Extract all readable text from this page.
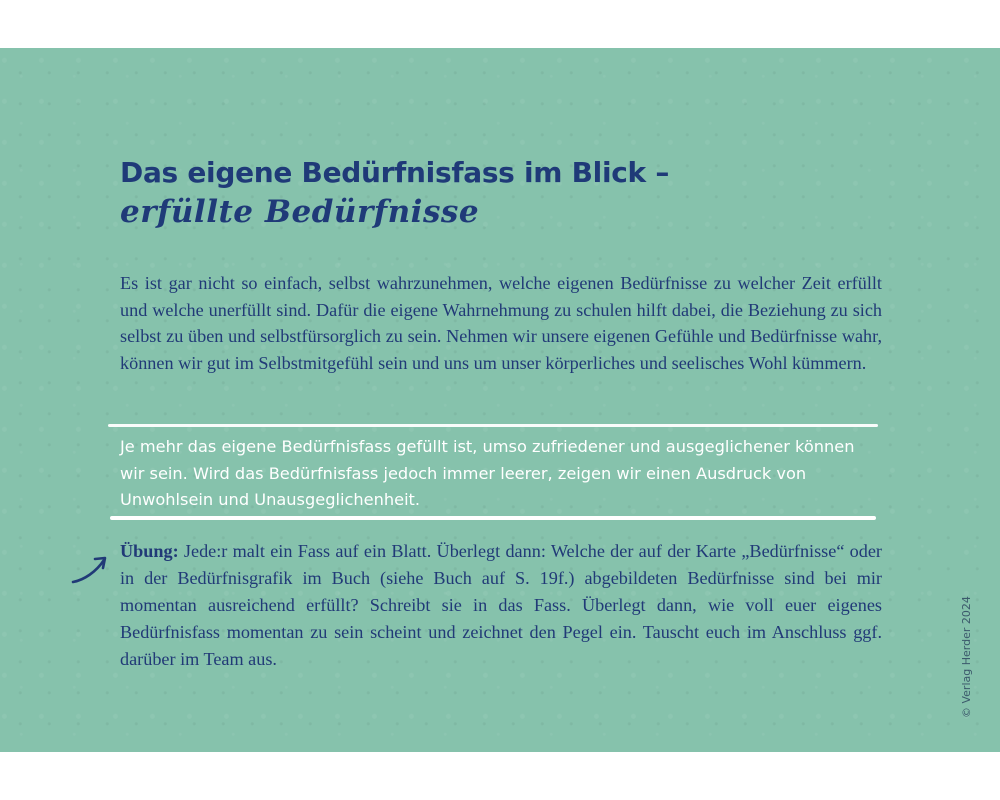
Das eigene Bedürfnisfass im Blick –
erfüllte Bedürfnisse

Es ist gar nicht so einfach, selbst wahrzunehmen, welche eigenen Bedürfnisse zu welcher Zeit erfüllt und welche unerfüllt sind. Dafür die eigene Wahrnehmung zu schulen hilft dabei, die Beziehung zu sich selbst zu üben und selbstfürsorglich zu sein. Nehmen wir unsere eigenen Gefühle und Bedürfnisse wahr, können wir gut im Selbstmitgefühl sein und uns um unser körperliches und seelisches Wohl kümmern.

Je mehr das eigene Bedürfnisfass gefüllt ist, umso zufriedener und ausgeglichener können wir sein. Wird das Bedürfnisfass jedoch immer leerer, zeigen wir einen Ausdruck von Unwohlsein und Unausgeglichenheit.

Übung: Jede:r malt ein Fass auf ein Blatt. Überlegt dann: Welche der auf der Karte „Bedürfnisse“ oder in der Bedürfnisgrafik im Buch (siehe Buch auf S. 19f.) abgebildeten Bedürfnisse sind bei mir momentan ausreichend erfüllt? Schreibt sie in das Fass. Überlegt dann, wie voll euer eigenes Bedürfnisfass momentan zu sein scheint und zeichnet den Pegel ein. Tauscht euch im Anschluss ggf. darüber im Team aus.	© Verlag Herder 2024
